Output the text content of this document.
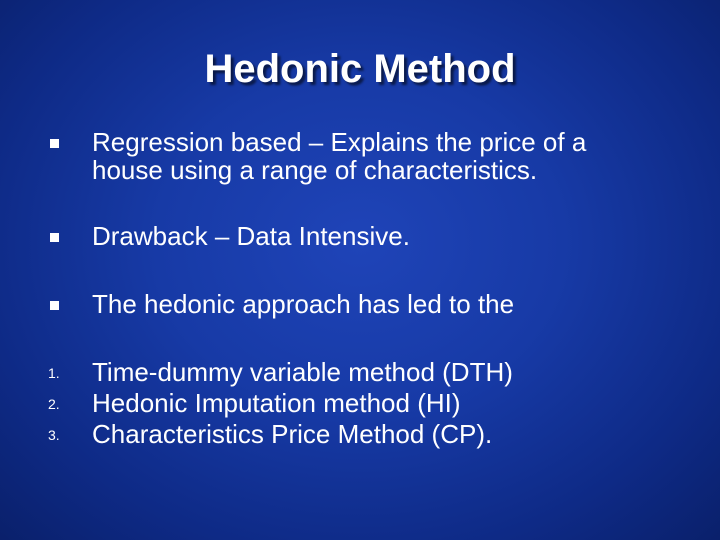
Hedonic Method
Regression based – Explains the price of a
house using a range of characteristics.
Drawback – Data Intensive.
The hedonic approach has led to the
1. Time-dummy variable method (DTH)
2. Hedonic Imputation method (HI)
3. Characteristics Price Method (CP).
